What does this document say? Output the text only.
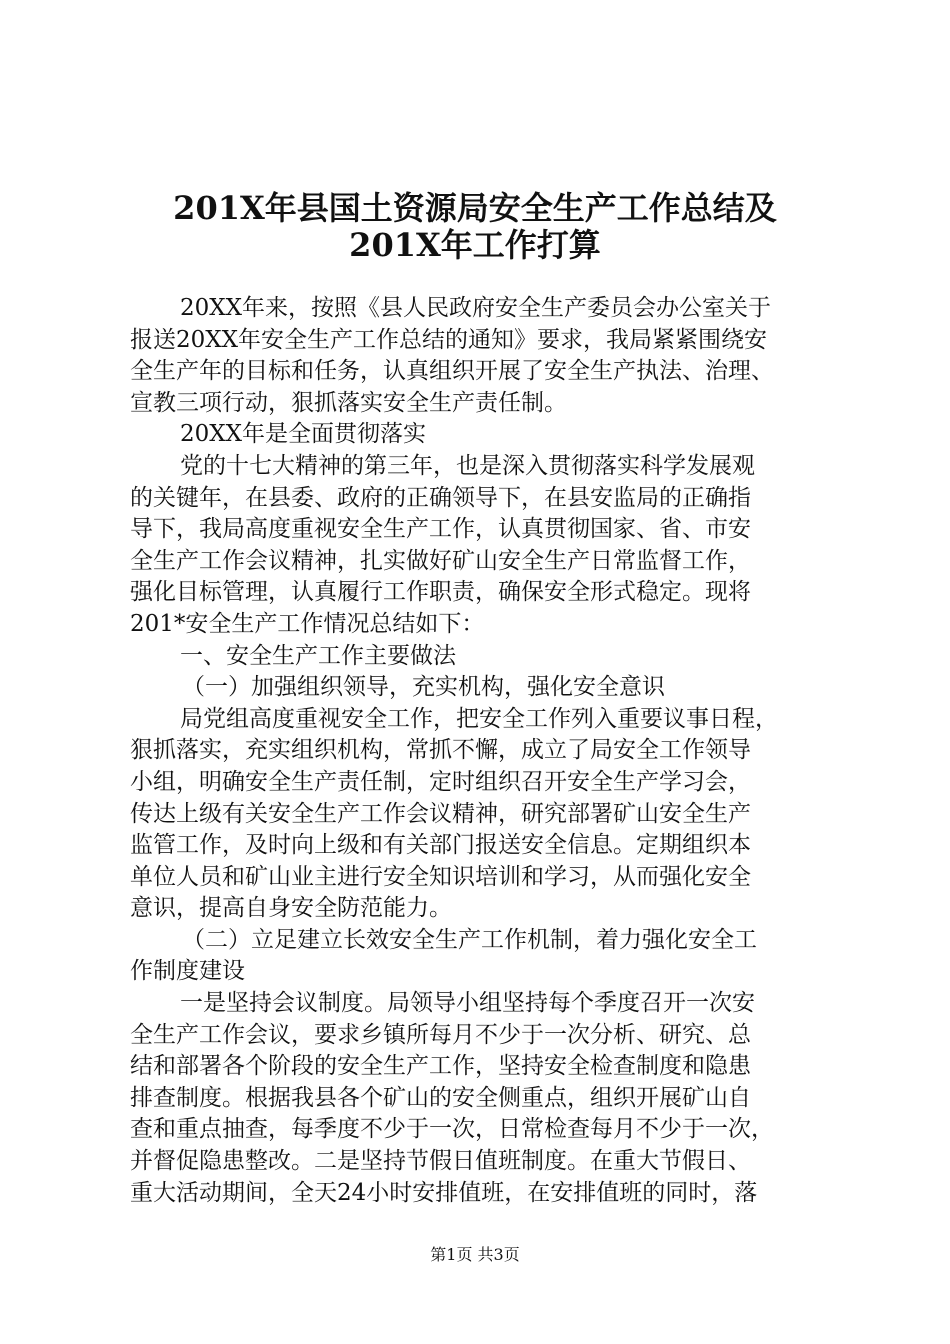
201X年县国土资源局安全生产工作总结及
201X年工作打算
20XX年来，按照《县人民政府安全生产委员会办公室关于
报送20XX年安全生产工作总结的通知》要求，我局紧紧围绕安
全生产年的目标和任务，认真组织开展了安全生产执法、治理、
宣教三项行动，狠抓落实安全生产责任制。
20XX年是全面贯彻落实
党的十七大精神的第三年，也是深入贯彻落实科学发展观
的关键年，在县委、政府的正确领导下，在县安监局的正确指
导下，我局高度重视安全生产工作，认真贯彻国家、省、市安
全生产工作会议精神，扎实做好矿山安全生产日常监督工作，
强化目标管理，认真履行工作职责，确保安全形式稳定。现将
201*安全生产工作情况总结如下：
一、安全生产工作主要做法
（一）加强组织领导，充实机构，强化安全意识
局党组高度重视安全工作，把安全工作列入重要议事日程，
狠抓落实，充实组织机构，常抓不懈，成立了局安全工作领导
小组，明确安全生产责任制，定时组织召开安全生产学习会，
传达上级有关安全生产工作会议精神，研究部署矿山安全生产
监管工作，及时向上级和有关部门报送安全信息。定期组织本
单位人员和矿山业主进行安全知识培训和学习，从而强化安全
意识，提高自身安全防范能力。
（二）立足建立长效安全生产工作机制，着力强化安全工
作制度建设
一是坚持会议制度。局领导小组坚持每个季度召开一次安
全生产工作会议，要求乡镇所每月不少于一次分析、研究、总
结和部署各个阶段的安全生产工作，坚持安全检查制度和隐患
排查制度。根据我县各个矿山的安全侧重点，组织开展矿山自
查和重点抽查，每季度不少于一次，日常检查每月不少于一次，
并督促隐患整改。二是坚持节假日值班制度。在重大节假日、
重大活动期间，全天24小时安排值班，在安排值班的同时，落
第1页 共3页
